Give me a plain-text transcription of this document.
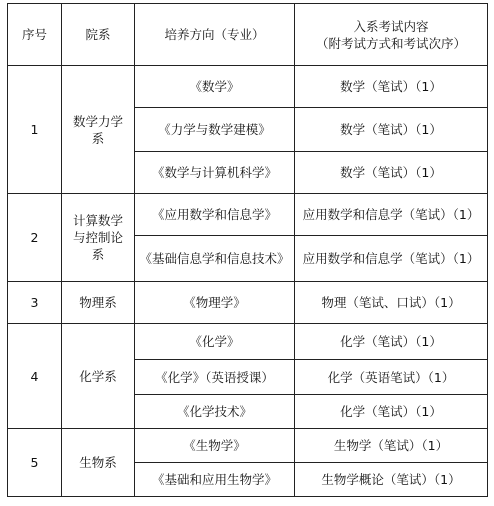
序号	院系	培养方向（专业）	入系考试内容
（附考试方式和考试次序）

1	数学力学系	《数学》	数学（笔试）（1）
		《力学与数学建模》	数学（笔试）（1）
		《数学与计算机科学》	数学（笔试）（1）
2	计算数学与控制论系	《应用数学和信息学》	应用数学和信息学（笔试）（1）
		《基础信息学和信息技术》	应用数学和信息学（笔试）（1）
3	物理系	《物理学》	物理（笔试、口试）（1）
4	化学系	《化学》	化学（笔试）（1）
		《化学》（英语授课）	化学（英语笔试）（1）
		《化学技术》	化学（笔试）（1）
5	生物系	《生物学》	生物学（笔试）（1）
		《基础和应用生物学》	生物学概论（笔试）（1）
